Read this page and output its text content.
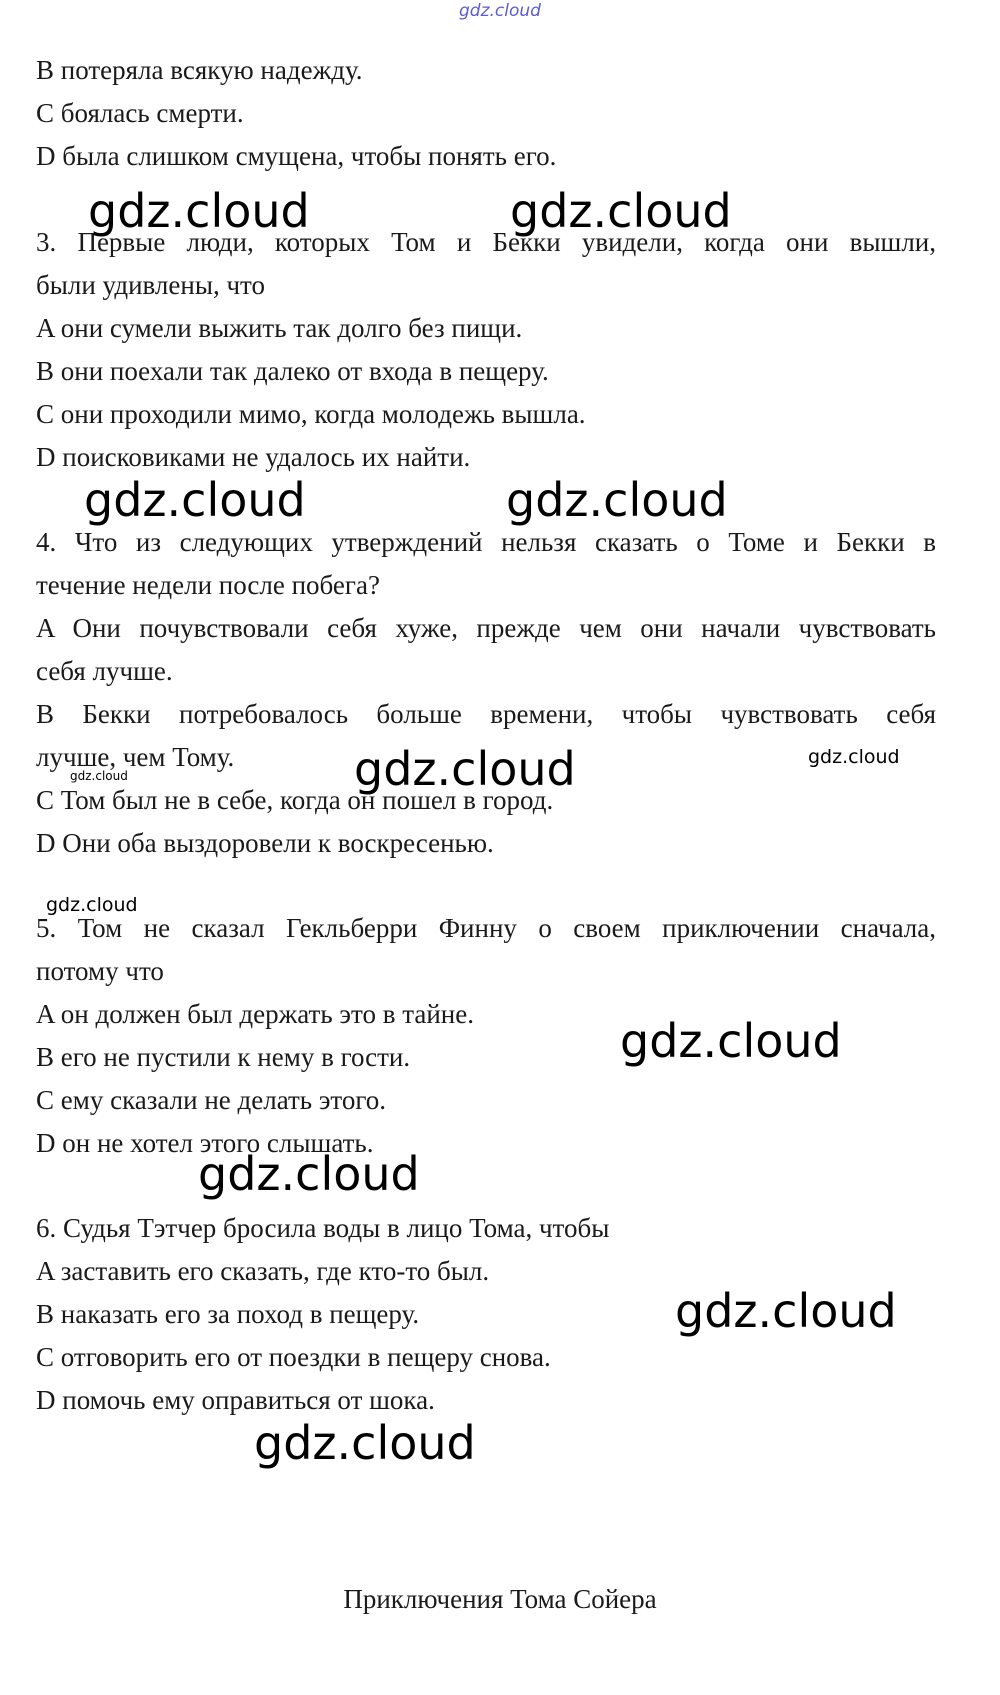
gdz.cloud
B потеряла всякую надежду.
C боялась смерти.
D была слишком смущена, чтобы понять его.
3. Первые люди, которых Том и Бекки увидели, когда они вышли,
были удивлены, что
A они сумели выжить так долго без пищи.
B они поехали так далеко от входа в пещеру.
C они проходили мимо, когда молодежь вышла.
D поисковиками не удалось их найти.
4. Что из следующих утверждений нельзя сказать о Томе и Бекки в
течение недели после побега?
A Они почувствовали себя хуже, прежде чем они начали чувствовать
себя лучше.
B Бекки потребовалось больше времени, чтобы чувствовать себя
лучше, чем Тому.
C Том был не в себе, когда он пошел в город.
D Они оба выздоровели к воскресенью.
5. Том не сказал Гекльберри Финну о своем приключении сначала,
потому что
A он должен был держать это в тайне.
B его не пустили к нему в гости.
C ему сказали не делать этого.
D он не хотел этого слышать.
6. Судья Тэтчер бросила воды в лицо Тома, чтобы
A заставить его сказать, где кто-то был.
B наказать его за поход в пещеру.
C отговорить его от поездки в пещеру снова.
D помочь ему оправиться от шока.
Приключения Тома Сойера
gdz.cloud	gdz.cloud
gdz.cloud	gdz.cloud
gdz.cloud	gdz.cloud
gdz.cloud
gdz.cloud
gdz.cloud
gdz.cloud
gdz.cloud
gdz.cloud
